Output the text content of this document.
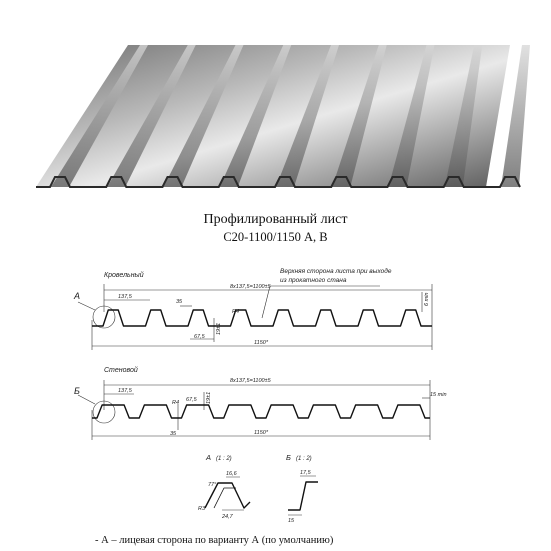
Профилированный лист
С20-1100/1150 А, В
Кровельный
А
8x137,5=1100±5
137,5
35
67,5
19±1
R4
1150*
6 min
Верхняя сторона листа при выходе
из прокатного стана
Стеновой
Б
8x137,5=1100±5
137,5
R4 67,5 19±1
35	1150*
15 min
А (1 : 2)
16,6
77°
R3
24,7
Б (1 : 2)
17,5
15
- А – лицевая сторона по варианту А (по умолчанию)
